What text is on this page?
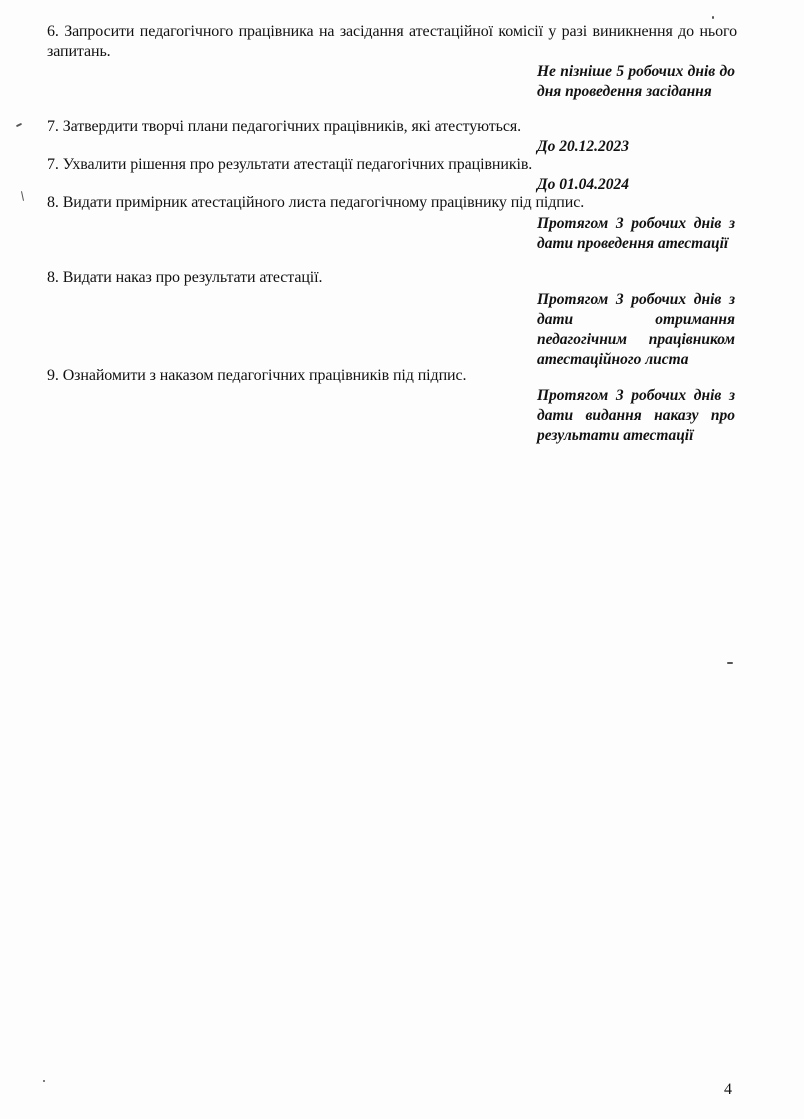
6. Запросити педагогічного працівника на засідання атестаційної комісії у разі виникнення до нього запитань.
Не пізніше 5 робочих днів до дня проведення засідання
7. Затвердити творчі плани педагогічних працівників, які атестуються.
До 20.12.2023
7. Ухвалити рішення про результати атестації педагогічних працівників.
До 01.04.2024
8. Видати примірник атестаційного листа педагогічному працівнику під підпис.
Протягом 3 робочих днів з дати проведення атестації
8. Видати наказ про результати атестації.
Протягом 3 робочих днів з дати отримання педагогічним працівником атестаційного листа
9. Ознайомити з наказом педагогічних працівників під підпис.
Протягом 3 робочих днів з дати видання наказу про результати атестації
4
